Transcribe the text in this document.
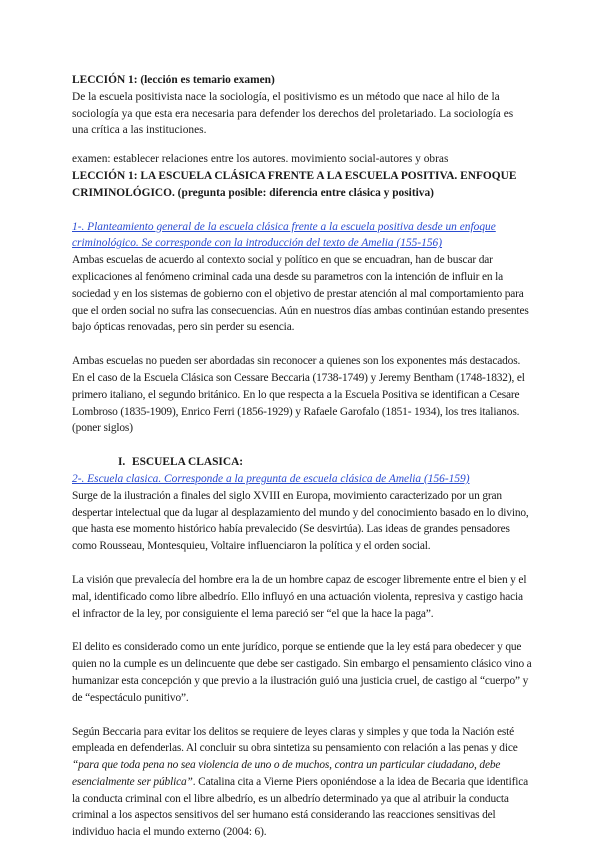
LECCIÓN 1: (lección es temario examen)

De la escuela positivista nace la sociología, el positivismo es un método que nace al hilo de la sociología ya que esta era necesaria para defender los derechos del proletariado. La sociología es una crítica a las instituciones.

examen: establecer relaciones entre los autores. movimiento social-autores y obras

LECCIÓN 1: LA ESCUELA CLÁSICA FRENTE A LA ESCUELA POSITIVA. ENFOQUE CRIMINOLÓGICO. (pregunta posible: diferencia entre clásica y positiva)

1-. Planteamiento general de la escuela clásica frente a la escuela positiva desde un enfoque criminológico. Se corresponde con la introducción del texto de Amelia (155-156)

Ambas escuelas de acuerdo al contexto social y político en que se encuadran, han de buscar dar explicaciones al fenómeno criminal cada una desde su parametros con la intención de influir en la sociedad y en los sistemas de gobierno con el objetivo de prestar atención al mal comportamiento para que el orden social no sufra las consecuencias. Aún en nuestros días ambas continúan estando presentes bajo ópticas renovadas, pero sin perder su esencia.

Ambas escuelas no pueden ser abordadas sin reconocer a quienes son los exponentes más destacados. En el caso de la Escuela Clásica son Cessare Beccaria (1738-1749) y Jeremy Bentham (1748-1832), el primero italiano, el segundo británico. En lo que respecta a la Escuela Positiva se identifican a Cesare Lombroso (1835-1909), Enrico Ferri (1856-1929) y Rafaele Garofalo (1851- 1934), los tres italianos. (poner siglos)

I. ESCUELA CLASICA:

2-. Escuela clasica. Corresponde a la pregunta de escuela clásica de Amelia (156-159)

Surge de la ilustración a finales del siglo XVIII en Europa, movimiento caracterizado por un gran despertar intelectual que da lugar al desplazamiento del mundo y del conocimiento basado en lo divino, que hasta ese momento histórico había prevalecido (Se desvirtúa). Las ideas de grandes pensadores como Rousseau, Montesquieu, Voltaire influenciaron la política y el orden social.

La visión que prevalecía del hombre era la de un hombre capaz de escoger libremente entre el bien y el mal, identificado como libre albedrío. Ello influyó en una actuación violenta, represiva y castigo hacia el infractor de la ley, por consiguiente el lema pareció ser “el que la hace la paga”.

El delito es considerado como un ente jurídico, porque se entiende que la ley está para obedecer y que quien no la cumple es un delincuente que debe ser castigado. Sin embargo el pensamiento clásico vino a humanizar esta concepción y que previo a la ilustración guió una justicia cruel, de castigo al “cuerpo” y de “espectáculo punitivo”.

Según Beccaria para evitar los delitos se requiere de leyes claras y simples y que toda la Nación esté empleada en defenderlas. Al concluir su obra sintetiza su pensamiento con relación a las penas y dice “para que toda pena no sea violencia de uno o de muchos, contra un particular ciudadano, debe esencialmente ser pública”. Catalina cita a Vierne Piers oponiéndose a la idea de Becaria que identifica la conducta criminal con el libre albedrío, es un albedrío determinado ya que al atribuir la conducta criminal a los aspectos sensitivos del ser humano está considerando las reacciones sensitivas del individuo hacia el mundo externo (2004: 6).
